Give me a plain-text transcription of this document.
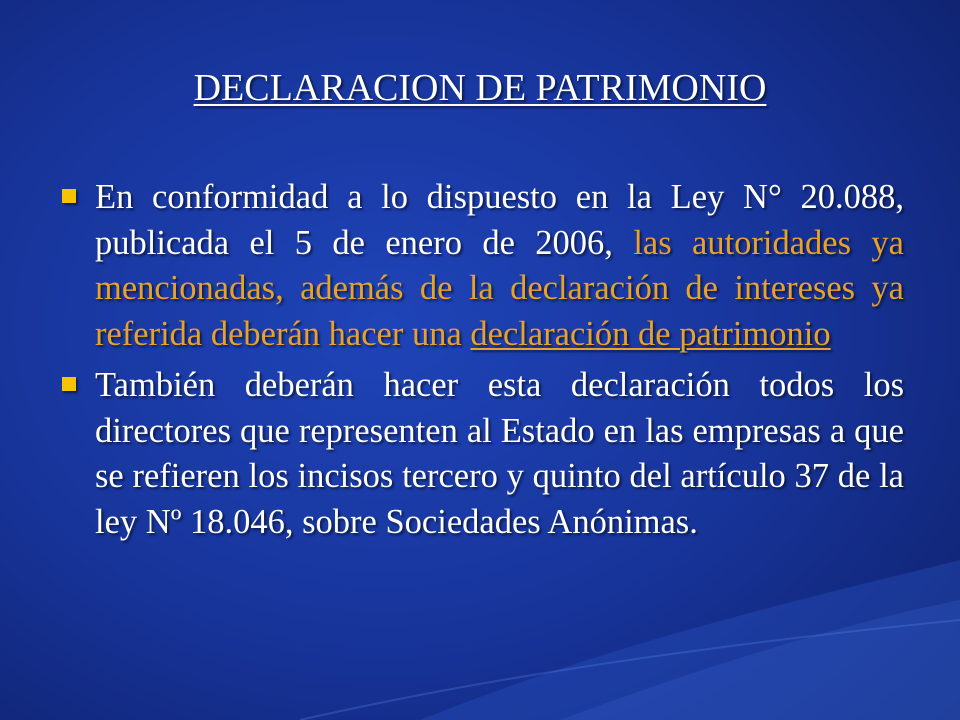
DECLARACION DE PATRIMONIO
En conformidad a lo dispuesto en la Ley N° 20.088, publicada el 5 de enero de 2006, las autoridades ya mencionadas, además de la declaración de intereses ya referida deberán hacer una declaración de patrimonio
También deberán hacer esta declaración todos los directores que representen al Estado en las empresas a que se refieren los incisos tercero y quinto del artículo 37 de la ley Nº 18.046, sobre Sociedades Anónimas.
